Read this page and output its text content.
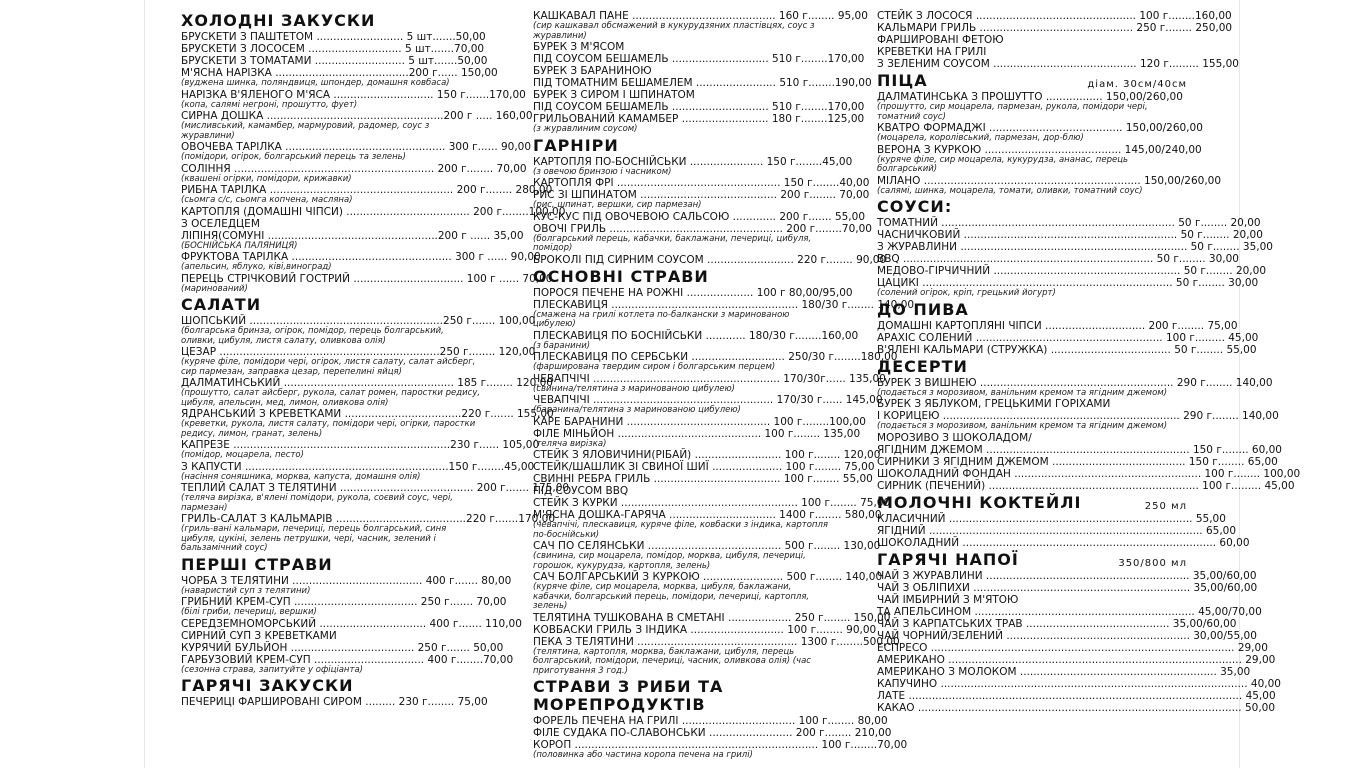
ХОЛОДНІ ЗАКУСКИ
БРУСКЕТИ З ПАШТЕТОМ .......................... 5 шт.......50,00
БРУСКЕТИ З ЛОСОСЕМ ............................ 5 шт.......70,00
БРУСКЕТИ З ТОМАТАМИ ........................... 5 шт.......50,00
М'ЯСНА НАРІЗКА ........................................200 г...... 150,00
(вуджена шинка, поляндвиця, шпондер, домашня ковбаса)
НАРІЗКА В'ЯЛЕНОГО М'ЯСА .............................. 150 г.......170,00
(копа, салямі негроні, прошутто, фует)
СИРНА ДОШКА .....................................................200 г ..... 160,00
(мисливський, камамбер, мармуровий, радомер, соус з журавлини)
ОВОЧЕВА ТАРІЛКА ................................................ 300 г...... 90,00
(помідори, огірок, болгарський перець та зелень)
СОЛІННЯ ............................................................ 200 г........ 70,00
(квашені огірки, помідори, крижавки)
РИБНА ТАРІЛКА ....................................................... 200 г........ 280,00
(сьомга с/с, сьомга копчена, масляна)
КАРТОПЛЯ (ДОМАШНІ ЧІПСИ) ..................................... 200 г........100,00
З ОСЕЛЕДЦЕМ
ЛІПІНЯ(СОМУНІ ...................................................200 г ...... 35,00
(БОСНІЙСЬКА ПАЛЯНИЦЯ)
ФРУКТОВА ТАРІЛКА ................................................ 300 г ...... 90,00
(апельсин, яблуко, ківі,виноград)
ПЕРЕЦЬ СТРІЧКОВИЙ ГОСТРИЙ ................................. 100 г ...... 70,00
(маринований)
САЛАТИ
ШОПСЬКИЙ ..........................................................250 г....... 100,00
(болгарська бринза, огірок, помідор, перець болгарський, оливки, цибуля, листя салату, оливкова олія)
ЦЕЗАР ..................................................................250 г........ 120,00
(куряче філе, помідори чері, огірок, листя салату, салат айсберг, сир пармезан, заправка цезар, перепелині яйця)
ДАЛМАТИНСЬКИЙ ................................................... 185 г........ 120,00
(прошутто, салат айсберг, рукола, салат ромен, паростки редису, цибуля, апельсин, мед, лимон, оливкова олія)
ЯДРАНСЬКИЙ З КРЕВЕТКАМИ ...................................220 г....... 155,00
(креветки, рукола, листя салату, помідори чері, огірки, паростки редису, лимон, гранат, зелень)
КАПРЕЗЕ .................................................................230 г...... 105,00
(помідор, моцарела, песто)
З КАПУСТИ .............................................................150 г........45,00
(насіння соняшника, морква, капуста, домашня олія)
ТЕПЛИЙ САЛАТ З ТЕЛЯТИНИ ........................................ 200 г....... 175,00
(теляча вирізка, в'ялені помідори, рукола, соєвий соус, чері, пармезан)
ГРИЛЬ-САЛАТ З КАЛЬМАРІВ .......................................220 г.......170,00
(гриль-вані кальмари, печериці, перець болгарський, синя цибуля, цукіні, зелень петрушки, чері, часник, зелений і бальзамічний соус)
ПЕРШІ СТРАВИ
ЧОРБА З ТЕЛЯТИНИ ....................................... 400 г....... 80,00
(наваристий суп з телятини)
ГРИБНИЙ КРЕМ-СУП ..................................... 250 г....... 70,00
(білі гриби, печериці, вершки)
СЕРЕДЗЕМНОМОРСЬКИЙ ................................ 400 г....... 110,00
СИРНИЙ СУП З КРЕВЕТКАМИ
КУРЯЧИЙ БУЛЬЙОН ..................................... 250 г....... 50,00
ГАРБУЗОВИЙ КРЕМ-СУП ................................. 400 г........70,00
(сезонна страва, запитуйте у офіціанта)
ГАРЯЧІ ЗАКУСКИ
ПЕЧЕРИЦІ ФАРШИРОВАНІ СИРОМ ......... 230 г........ 75,00
КАШКАВАЛ ПАНЕ ........................................... 160 г........ 95,00
(сир кашкавал обсмажений в кукурудзяних пластівцях, соус з журавлини)
БУРЕК З М'ЯСОМ
ПІД СОУСОМ БЕШАМЕЛЬ ............................. 510 г........170,00
БУРЕК З БАРАНИНОЮ
ПІД ТОМАТНИМ БЕШАМЕЛЕМ ........................ 510 г........190,00
БУРЕК З СИРОМ І ШПИНАТОМ
ПІД СОУСОМ БЕШАМЕЛЬ ............................. 510 г........170,00
ГРИЛЬОВАНИЙ КАМАМБЕР .......................... 180 г........125,00
(з журавлиним соусом)
ГАРНІРИ
КАРТОПЛЯ ПО-БОСНІЙСЬКИ ...................... 150 г........45,00
(з овечою бринзою і часником)
КАРТОПЛЯ ФРІ ................................................. 150 г........40,00
РИС ЗІ ШПИНАТОМ ......................................... 200 г........ 70,00
(рис, шпинат, вершки, сир пармезан)
КУС-КУС ПІД ОВОЧЕВОЮ САЛЬСОЮ ............. 200 г....... 55,00
ОВОЧІ ГРИЛЬ .................................................... 200 г........70,00
(болгарський перець, кабачки, баклажани, печериці, цибуля, помідор)
БРОКОЛІ ПІД СИРНИМ СОУСОМ .......................... 220 г........ 90,00
ОСНОВНІ СТРАВИ
ПОРОСЯ ПЕЧЕНЕ НА РОЖНІ .................... 100 г 80,00/95,00
ПЛЕСКАВИЦЯ ........................................................ 180/30 г........ 140,00
(смажена на грилі котлета по-балкански з маринованою цибулею)
ПЛЕСКАВИЦЯ ПО БОСНІЙСЬКИ ............ 180/30 г........160,00
(з баранини)
ПЛЕСКАВИЦЯ ПО СЕРБСЬКИ ............................ 250/30 г........180,00
(фарширована твердим сиром і болгарським перцем)
ЧЕВАПЧІЧІ ........................................................ 170/30г...... 135,00
(свинина/телятина з маринованою цибулею)
ЧЕВАПЧІЧІ ...................................................... 170/30 г...... 145,00
(баранина/телятина з маринованою цибулею)
КАРЕ БАРАНИНИ ........................................... 100 г........100,00
ФІЛЕ МІНЬЙОН ........................................... 100 г........ 135,00
(теляча вирізка)
СТЕЙК З ЯЛОВИЧИНИ(РІБАЙ) .......................... 100 г........ 120,00
СТЕЙК/ШАШЛИК ЗІ СВИНОЇ ШИЇ ..................... 100 г........ 75,00
СВИННІ РЕБРА ГРИЛЬ ...................................... 100 г........ 55,00
ПІД СОУСОМ BBQ
СТЕЙК З КУРКИ ..................................................... 100 г........ 75,00
М'ЯСНА ДОШКА-ГАРЯЧА ................................ 1400 г........ 580,00
(чевапчічі, плескавиця, куряче філе, ковбаски з індика, картопля по-боснійськи)
САЧ ПО СЕЛЯНСЬКИ ........................................ 500 г........ 130,00
(свинина, сир моцарела, помідор, морква, цибуля, печериці, горошок, кукурудза, картопля, зелень)
САЧ БОЛГАРСЬКИЙ З КУРКОЮ ........................ 500 г........ 140,00
(куряче філе, сир моцарела, морква, цибуля, баклажани, кабачки, болгарський перець, помідори, печериці, картопля, зелень)
ТЕЛЯТИНА ТУШКОВАНА В СМЕТАНІ ................... 250 г........ 150,00
КОВБАСКИ ГРИЛЬ З ІНДИКА ............................ 100 г........ 90,00
ПЕКА З ТЕЛЯТИНИ ................................................ 1300 г........500,00
(телятина, картопля, морква, баклажани, цибуля, перець болгарський, помідори, печериці, часник, оливкова олія) (час приготування 3 год.)
СТРАВИ З РИБИ ТА МОРЕПРОДУКТІВ
ФОРЕЛЬ ПЕЧЕНА НА ГРИЛІ .................................. 100 г........ 80,00
ФІЛЕ СУДАКА ПО-СЛАВОНСЬКИ ......................... 200 г........ 210,00
КОРОП ......................................................................... 100 г........70,00
(половинка або частина коропа печена на грилі)
СТЕЙК З ЛОСОСЯ ................................................ 100 г........160,00
КАЛЬМАРИ ГРИЛЬ .............................................. 250 г........ 250,00
ФАРШИРОВАНІ ФЕТОЮ
КРЕВЕТКИ НА ГРИЛІ
З ЗЕЛЕНИМ СОУСОМ ........................................... 120 г......... 155,00
ПІЦА	діам. 30см/40см
ДАЛМАТИНСЬКА З ПРОШУТТО ................. 150,00/260,00
(прошутто, сир моцарела, пармезан, рукола, помідори чері, томатний соус)
КВАТРО ФОРМАДЖІ ........................................ 150,00/260,00
(моцарела, королівський, пармезан, дор-блю)
ВЕРОНА З КУРКОЮ ......................................... 145,00/240,00
(куряче філе, сир моцарела, кукурудза, ананас, перець болгарський)
МІЛАНО ................................................................. 150,00/260,00
(салямі, шинка, моцарела, томати, оливки, томатний соус)
СОУСИ:
ТОМАТНИЙ ...................................................................... 50 г........ 20,00
ЧАСНИЧКОВИЙ ................................................................ 50 г........ 20,00
З ЖУРАВЛИНИ .................................................................... 50 г........ 35,00
BBQ ........................................................................... 50 г........ 30,00
МЕДОВО-ГІРЧИЧНИЙ ........................................................ 50 г........ 20,00
ЦАЦИКІ ........................................................................... 50 г........ 30,00
(солений огірок, кріп, грецький йогурт)
ДО ПИВА
ДОМАШНІ КАРТОПЛЯНІ ЧІПСИ .............................. 200 г........ 75,00
АРАХІС СОЛЕНИЙ ........................................................ 100 г......... 45,00
В'ЯЛЕНІ КАЛЬМАРИ (СТРУЖКА) .................................... 50 г........ 55,00
ДЕСЕРТИ
БУРЕК З ВИШНЕЮ .......................................................... 290 г........ 140,00
(подається з морозивом, ванільним кремом та ягідним джемом)
БУРЕК З ЯБЛУКОМ, ГРЕЦЬКИМИ ГОРІХАМИ
І КОРИЦЕЮ ....................................................................... 290 г........ 140,00
(подається з морозивом, ванільним кремом та ягідним джемом)
МОРОЗИВО З ШОКОЛАДОМ/
ЯГІДНИМ ДЖЕМОМ ............................................................. 150 г........ 60,00
СИРНИКИ З ЯГІДНИМ ДЖЕМОМ ........................................ 150 г........ 65,00
ШОКОЛАДНИЙ ФОНДАН ........................................................ 100 г........ 100,00
СИРНИК (ПЕЧЕНИЙ) ............................................................... 100 г......... 45,00
МОЛОЧНІ КОКТЕЙЛІ	250 мл
КЛАСИЧНИЙ ......................................................................... 55,00
ЯГІДНИЙ .................................................................................. 65,00
ШОКОЛАДНИЙ ............................................................................ 60,00
ГАРЯЧІ НАПОЇ	350/800 мл
ЧАЙ З ЖУРАВЛИНИ ............................................................. 35,00/60,00
ЧАЙ З ОБЛІПИХИ ................................................................. 35,00/60,00
ЧАЙ ІМБИРНИЙ З М'ЯТОЮ
ТА АПЕЛЬСИНОМ .................................................................. 45,00/70,00
ЧАЙ З КАРПАТСЬКИХ ТРАВ ........................................... 35,00/60,00
ЧАЙ ЧОРНИЙ/ЗЕЛЕНИЙ ....................................................... 30,00/55,00
ЕСПРЕСО ........................................................................................... 29,00
АМЕРИКАНО ........................................................................................ 29,00
АМЕРИКАНО З МОЛОКОМ ........................................................... 35,00
КАПУЧИНО ............................................................................................ 40,00
ЛАТЕ .................................................................................................... 45,00
КАКАО ................................................................................................. 50,00
